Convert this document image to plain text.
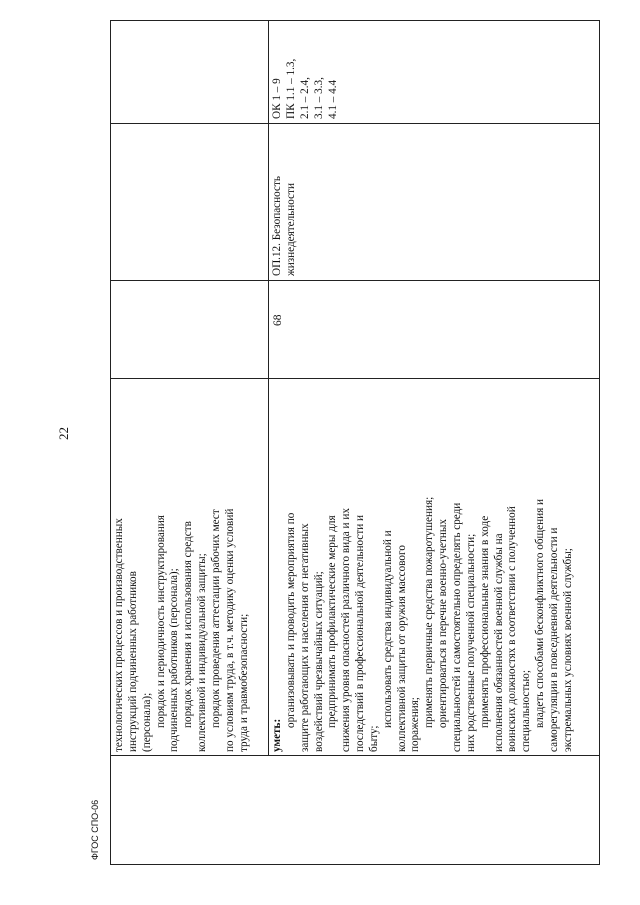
22
ФГОС СПО-06

технологических процессов и производственных инструкций подчиненных работников (персонала); порядок и периодичность инструктирования подчиненных работников (персонала); порядок хранения и использования средств коллективной и индивидуальной защиты; порядок проведения аттестации рабочих мест по условиям труда, в т.ч. методику оценки условий труда и травмобезопасности; уметь:

организовывать и проводить мероприятия по защите работающих и населения от негативных воздействий чрезвычайных ситуаций; предпринимать профилактические меры для снижения уровня опасностей различного вида и их последствий в профессиональной деятельности и быту;

использовать средства индивидуальной и коллективной защиты от оружия массового поражения; применять первичные средства пожаротушения; ориентироваться в перечне военно-учетных специальностей и самостоятельно определять среди них родственные полученной специальности; применять профессиональные знания в ходе исполнения обязанностей военной службы на воинских должностях в соответствии с полученной специальностью; владеть способами бесконфликтного общения и саморегуляции в повседневной деятельности и экстремальных условиях военной службы;

68

ОП.12. Безопасность жизнедеятельности

ОК 1 – 9 ПК 1.1 – 1.3, 2.1 – 2.4, 3.1 – 3.3, 4.1 – 4.4
